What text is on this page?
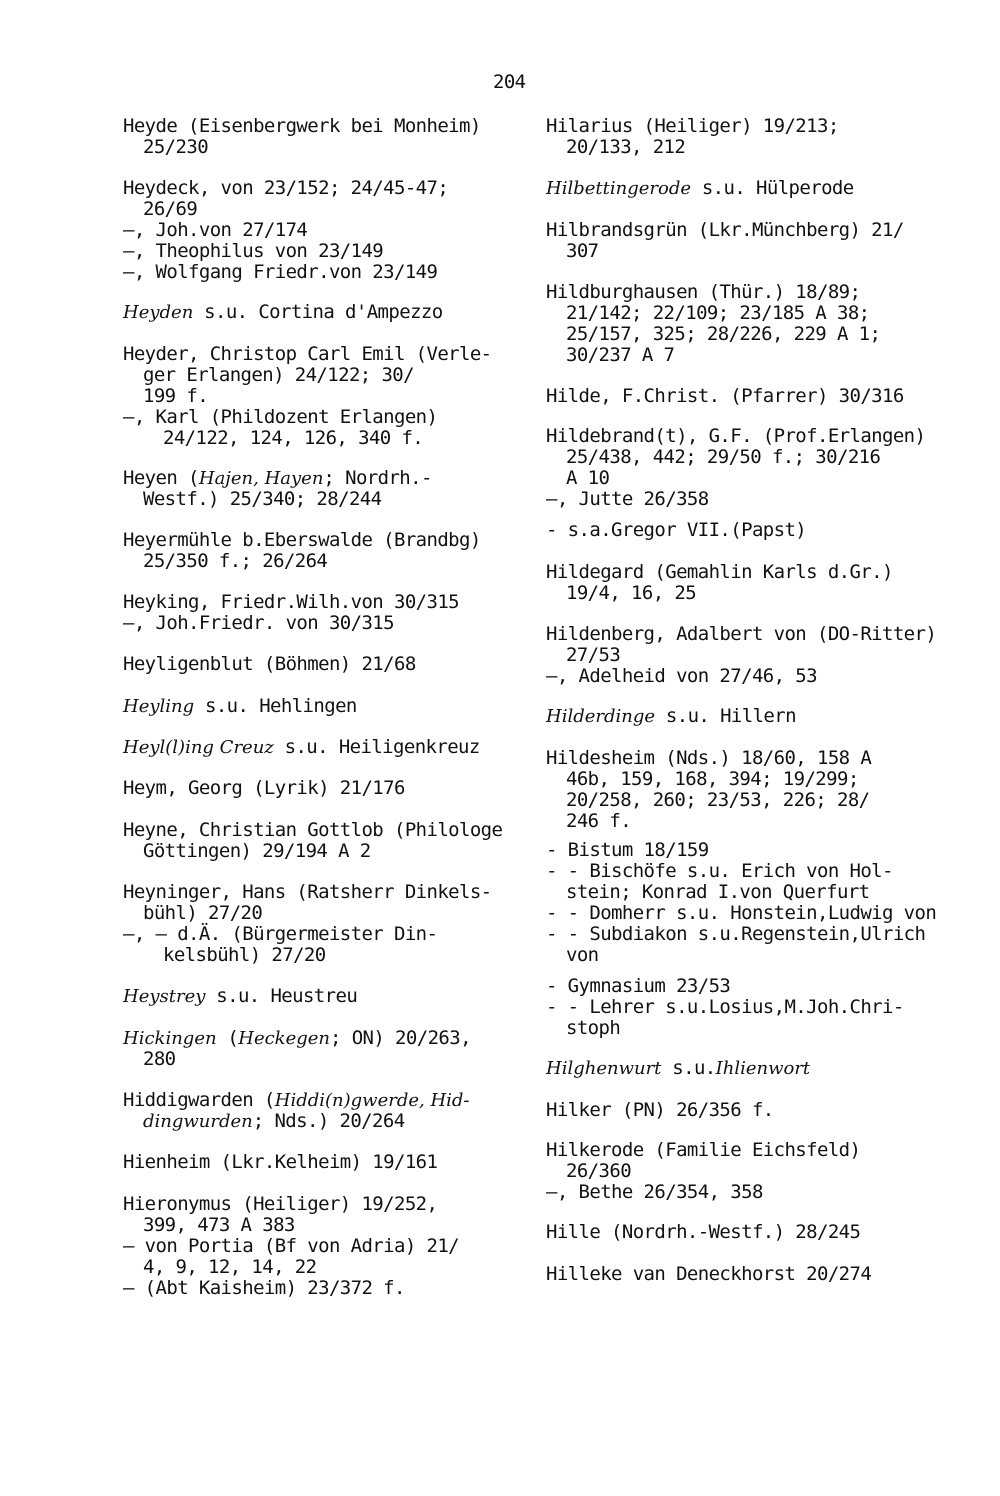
204
Heyde (Eisenbergwerk bei Monheim)
25/230
Heydeck, von 23/152; 24/45-47;
26/69
—, Joh.von 27/174
—, Theophilus von 23/149
—, Wolfgang Friedr.von 23/149
Heyden s.u. Cortina d'Ampezzo
Heyder, Christop Carl Emil (Verle-
ger Erlangen) 24/122; 30/
199 f.
—, Karl (Phildozent Erlangen)
24/122, 124, 126, 340 f.
Heyen (Hajen, Hayen; Nordrh.-
Westf.) 25/340; 28/244
Heyermühle b.Eberswalde (Brandbg)
25/350 f.; 26/264
Heyking, Friedr.Wilh.von 30/315
—, Joh.Friedr. von 30/315
Heyligenblut (Böhmen) 21/68
Heyling s.u. Hehlingen
Heyl(l)ing Creuz s.u. Heiligenkreuz
Heym, Georg (Lyrik) 21/176
Heyne, Christian Gottlob (Philologe
Göttingen) 29/194 A 2
Heyninger, Hans (Ratsherr Dinkels-
bühl) 27/20
—, — d.Ä. (Bürgermeister Din-
kelsbühl) 27/20
Heystrey s.u. Heustreu
Hickingen (Heckegen; ON) 20/263,
280
Hiddigwarden (Hiddi(n)gwerde, Hid-
dingwurden; Nds.) 20/264
Hienheim (Lkr.Kelheim) 19/161
Hieronymus (Heiliger) 19/252,
399, 473 A 383
— von Portia (Bf von Adria) 21/
4, 9, 12, 14, 22
— (Abt Kaisheim) 23/372 f.
Hilarius (Heiliger) 19/213;
20/133, 212
Hilbettingerode s.u. Hülperode
Hilbrandsgrün (Lkr.Münchberg) 21/
307
Hildburghausen (Thür.) 18/89;
21/142; 22/109; 23/185 A 38;
25/157, 325; 28/226, 229 A 1;
30/237 A 7
Hilde, F.Christ. (Pfarrer) 30/316
Hildebrand(t), G.F. (Prof.Erlangen)
25/438, 442; 29/50 f.; 30/216
A 10
—, Jutte 26/358
- s.a.Gregor VII.(Papst)
Hildegard (Gemahlin Karls d.Gr.)
19/4, 16, 25
Hildenberg, Adalbert von (DO-Ritter)
27/53
—, Adelheid von 27/46, 53
Hilderdinge s.u. Hillern
Hildesheim (Nds.) 18/60, 158 A
46b, 159, 168, 394; 19/299;
20/258, 260; 23/53, 226; 28/
246 f.
- Bistum 18/159
- - Bischöfe s.u. Erich von Hol-
stein; Konrad I.von Querfurt
- - Domherr s.u. Honstein,Ludwig von
- - Subdiakon s.u.Regenstein,Ulrich
von
- Gymnasium 23/53
- - Lehrer s.u.Losius,M.Joh.Chri-
stoph
Hilghenwurt s.u.Ihlienwort
Hilker (PN) 26/356 f.
Hilkerode (Familie Eichsfeld)
26/360
—, Bethe 26/354, 358
Hille (Nordrh.-Westf.) 28/245
Hilleke van Deneckhorst 20/274
